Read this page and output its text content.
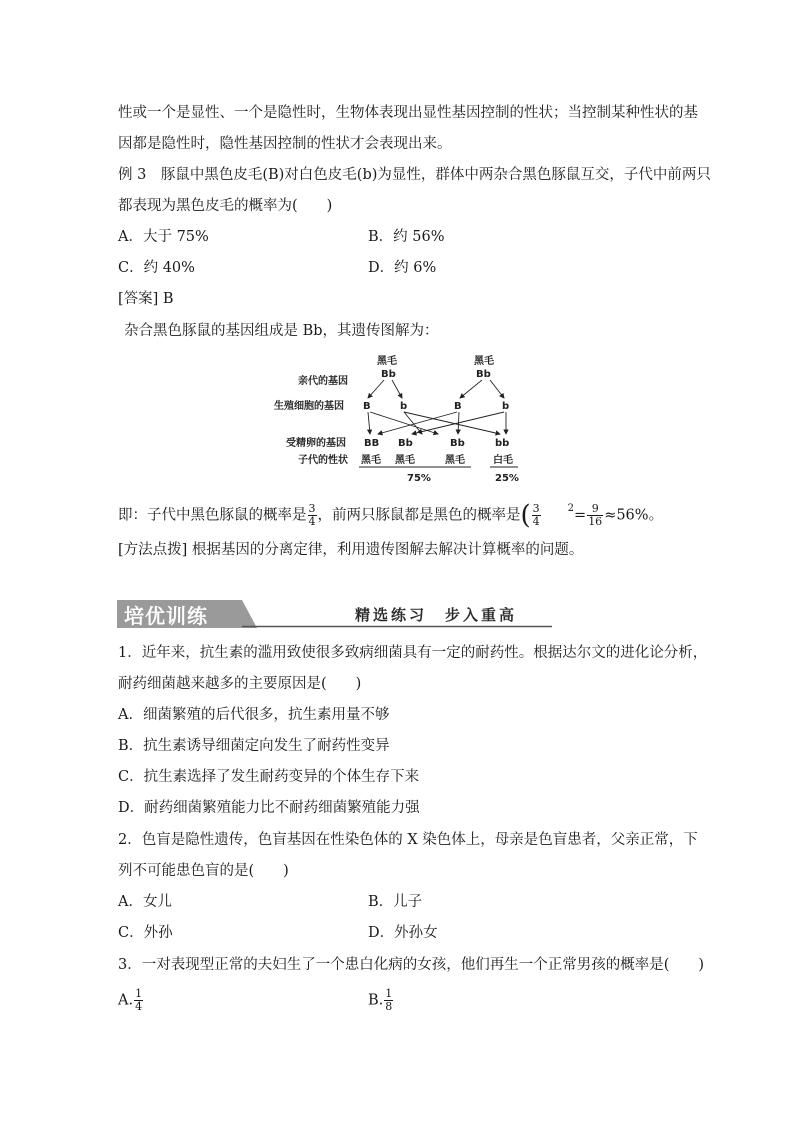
性或一个是显性、一个是隐性时，生物体表现出显性基因控制的性状；当控制某种性状的基
因都是隐性时，隐性基因控制的性状才会表现出来。
例 3　豚鼠中黑色皮毛(B)对白色皮毛(b)为显性，群体中两杂合黑色豚鼠互交，子代中前两只
都表现为黑色皮毛的概率为(　　)
A．大于 75%	B．约 56%
C．约 40%	D．约 6%
[答案] B
杂合黑色豚鼠的基因组成是 Bb，其遗传图解为：
黑毛
Bb
黑毛
Bb
亲代的基因
生殖细胞的基因
受精卵的基因
子代的性状
B	b	B	b
BB Bb	Bb	bb
黑毛 黑毛	黑毛	白毛
75%	25%
即：子代中黑色豚鼠的概率是 $\frac{3}{4}$ ，前两只豚鼠都是黑色的概率是( $\frac{3}{4}$	$^2= \frac{9}{16} \approx 56\%$。
[方法点拨] 根据基因的分离定律，利用遗传图解去解决计算概率的问题。
培优训练	精选练习　步入重高
1．近年来，抗生素的滥用致使很多致病细菌具有一定的耐药性。根据达尔文的进化论分析，
耐药细菌越来越多的主要原因是(　　)
A．细菌繁殖的后代很多，抗生素用量不够
B．抗生素诱导细菌定向发生了耐药性变异
C．抗生素选择了发生耐药变异的个体生存下来
D．耐药细菌繁殖能力比不耐药细菌繁殖能力强
2．色盲是隐性遗传，色盲基因在性染色体的 X 染色体上，母亲是色盲患者，父亲正常，下
列不可能患色盲的是(　　)
A．女儿	B．儿子
C．外孙	D．外孙女
3．一对表现型正常的夫妇生了一个患白化病的女孩，他们再生一个正常男孩的概率是(　　)
A. $\frac{1}{4}$	B. $\frac{1}{8}$
